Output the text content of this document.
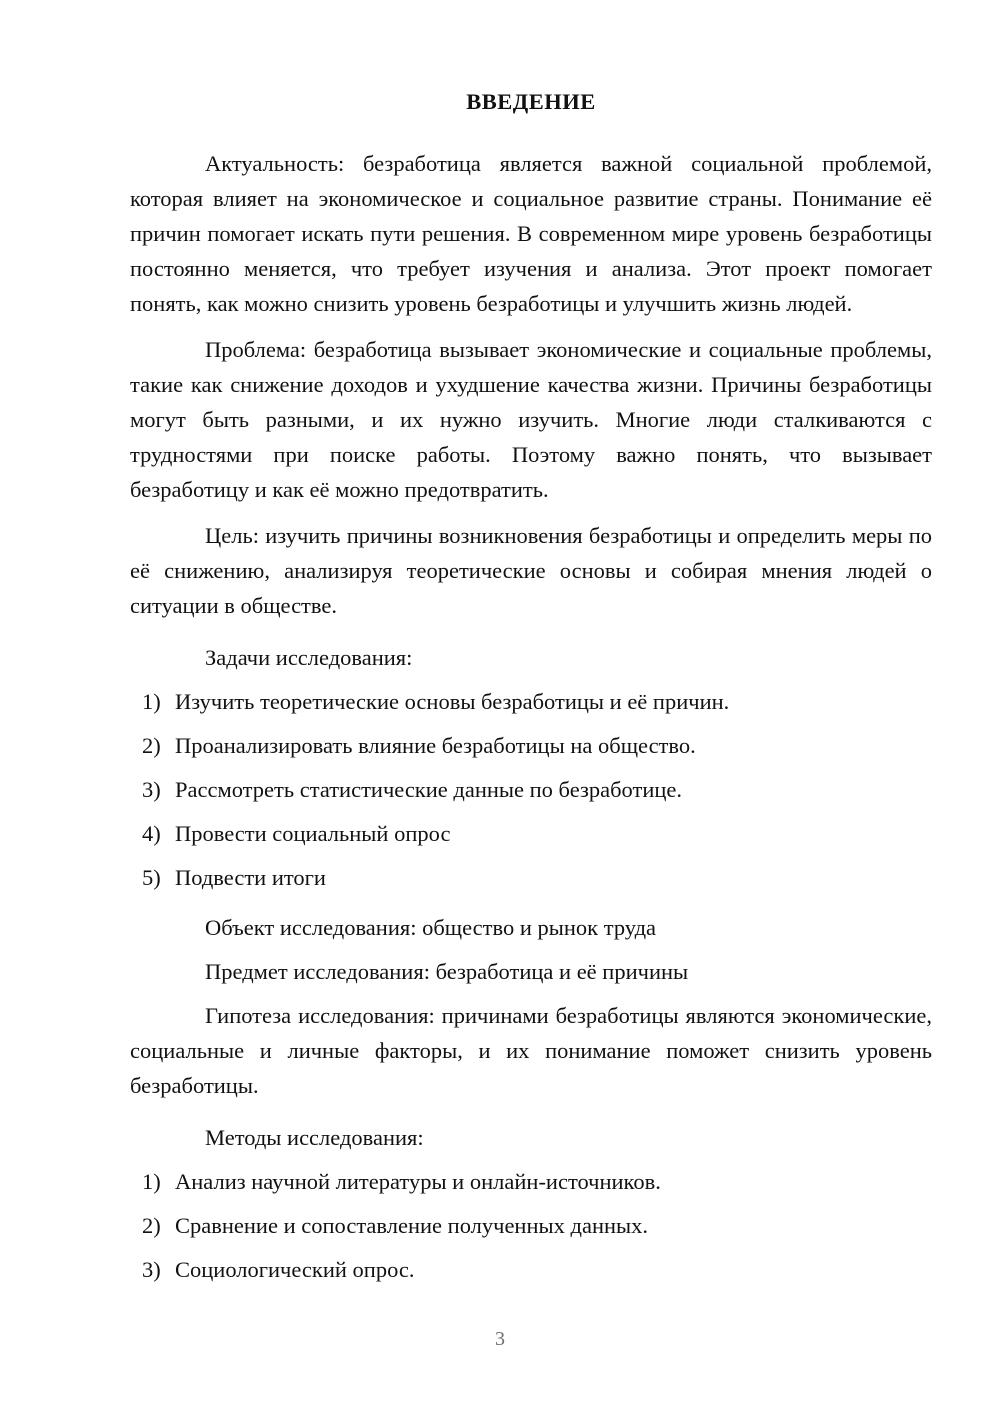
ВВЕДЕНИЕ

Актуальность: безработица является важной социальной проблемой, которая влияет на экономическое и социальное развитие страны. Понимание её причин помогает искать пути решения. В современном мире уровень безработицы постоянно меняется, что требует изучения и анализа. Этот проект помогает понять, как можно снизить уровень безработицы и улучшить жизнь людей.

Проблема: безработица вызывает экономические и социальные проблемы, такие как снижение доходов и ухудшение качества жизни. Причины безработицы могут быть разными, и их нужно изучить. Многие люди сталкиваются с трудностями при поиске работы. Поэтому важно понять, что вызывает безработицу и как её можно предотвратить.

Цель: изучить причины возникновения безработицы и определить меры по её снижению, анализируя теоретические основы и собирая мнения людей о ситуации в обществе.

Задачи исследования:

1) Изучить теоретические основы безработицы и её причин.
2) Проанализировать влияние безработицы на общество.
3) Рассмотреть статистические данные по безработице.
4) Провести социальный опрос
5) Подвести итоги

Объект исследования: общество и рынок труда

Предмет исследования: безработица и её причины

Гипотеза исследования: причинами безработицы являются экономические, социальные и личные факторы, и их понимание поможет снизить уровень безработицы.

Методы исследования:

1) Анализ научной литературы и онлайн-источников.
2) Сравнение и сопоставление полученных данных.
3) Социологический опрос.
3
